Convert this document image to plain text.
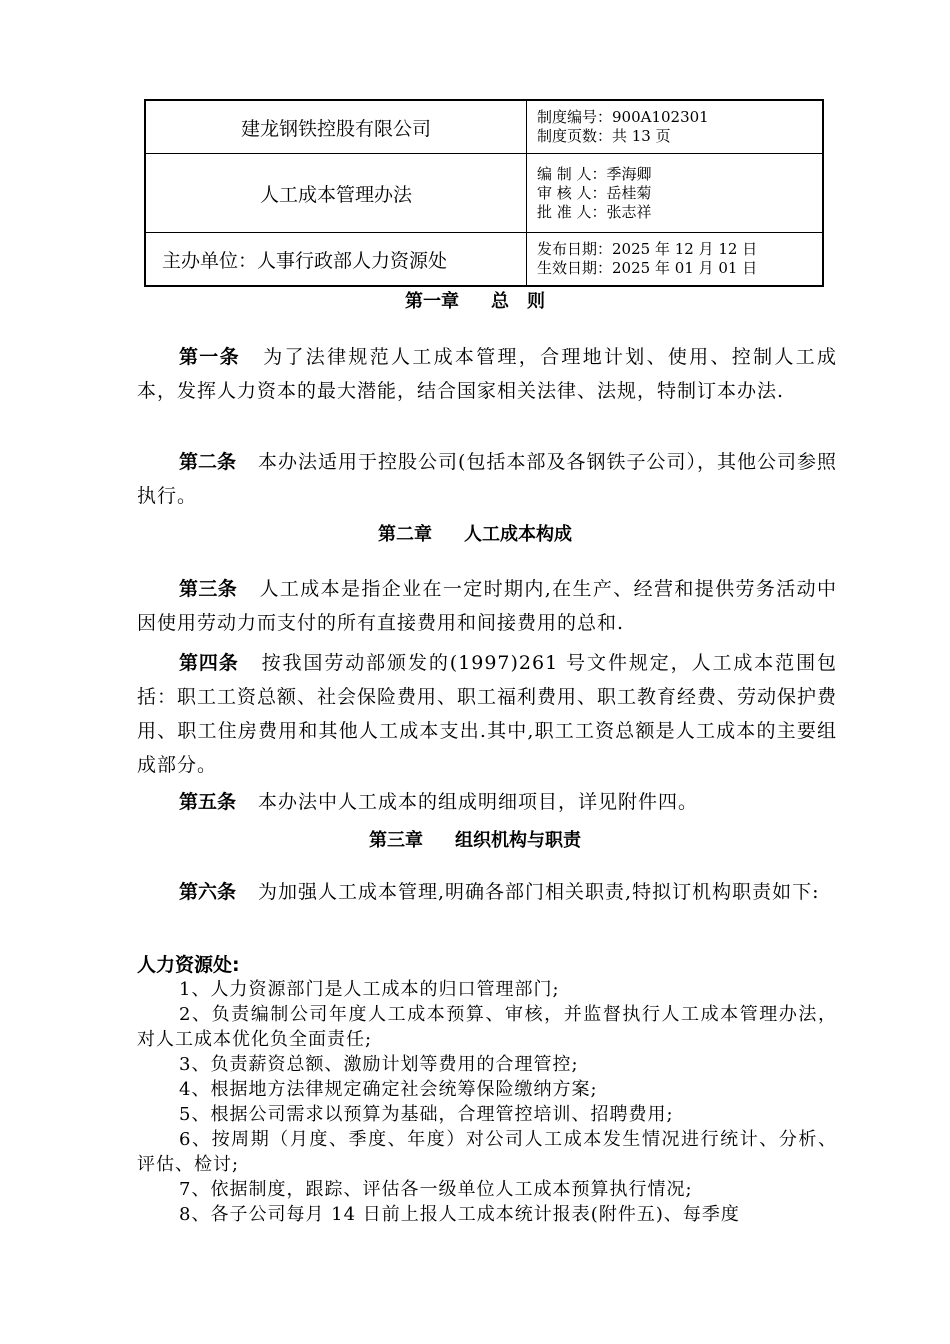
建龙钢铁控股有限公司	制度编号：900A102301
制度页数：共 13 页

人工成本管理办法	编 制 人：季海卿
审 核 人：岳桂菊
批 准 人：张志祥

主办单位：人事行政部人力资源处	发布日期：2025 年 12 月 12 日
生效日期：2025 年 01 月 01 日
第一章 总　则
第一条 为了法律规范人工成本管理，合理地计划、使用、控制人工成本，发挥人力资本的最大潜能，结合国家相关法律、法规，特制订本办法.
第二条 本办法适用于控股公司(包括本部及各钢铁子公司），其他公司参照执行。
第二章 人工成本构成
第三条 人工成本是指企业在一定时期内,在生产、经营和提供劳务活动中因使用劳动力而支付的所有直接费用和间接费用的总和.
第四条 按我国劳动部颁发的(1997)261 号文件规定，人工成本范围包括：职工工资总额、社会保险费用、职工福利费用、职工教育经费、劳动保护费用、职工住房费用和其他人工成本支出.其中,职工工资总额是人工成本的主要组成部分。
第五条 本办法中人工成本的组成明细项目，详见附件四。
第三章 组织机构与职责
第六条 为加强人工成本管理,明确各部门相关职责,特拟订机构职责如下:
人力资源处:
1、人力资源部门是人工成本的归口管理部门;
2、负责编制公司年度人工成本预算、审核，并监督执行人工成本管理办法，对人工成本优化负全面责任;
3、负责薪资总额、激励计划等费用的合理管控;
4、根据地方法律规定确定社会统筹保险缴纳方案;
5、根据公司需求以预算为基础，合理管控培训、招聘费用;
6、按周期（月度、季度、年度）对公司人工成本发生情况进行统计、分析、评估、检讨;
7、依据制度，跟踪、评估各一级单位人工成本预算执行情况;
8、各子公司每月 14 日前上报人工成本统计报表(附件五)、每季度
